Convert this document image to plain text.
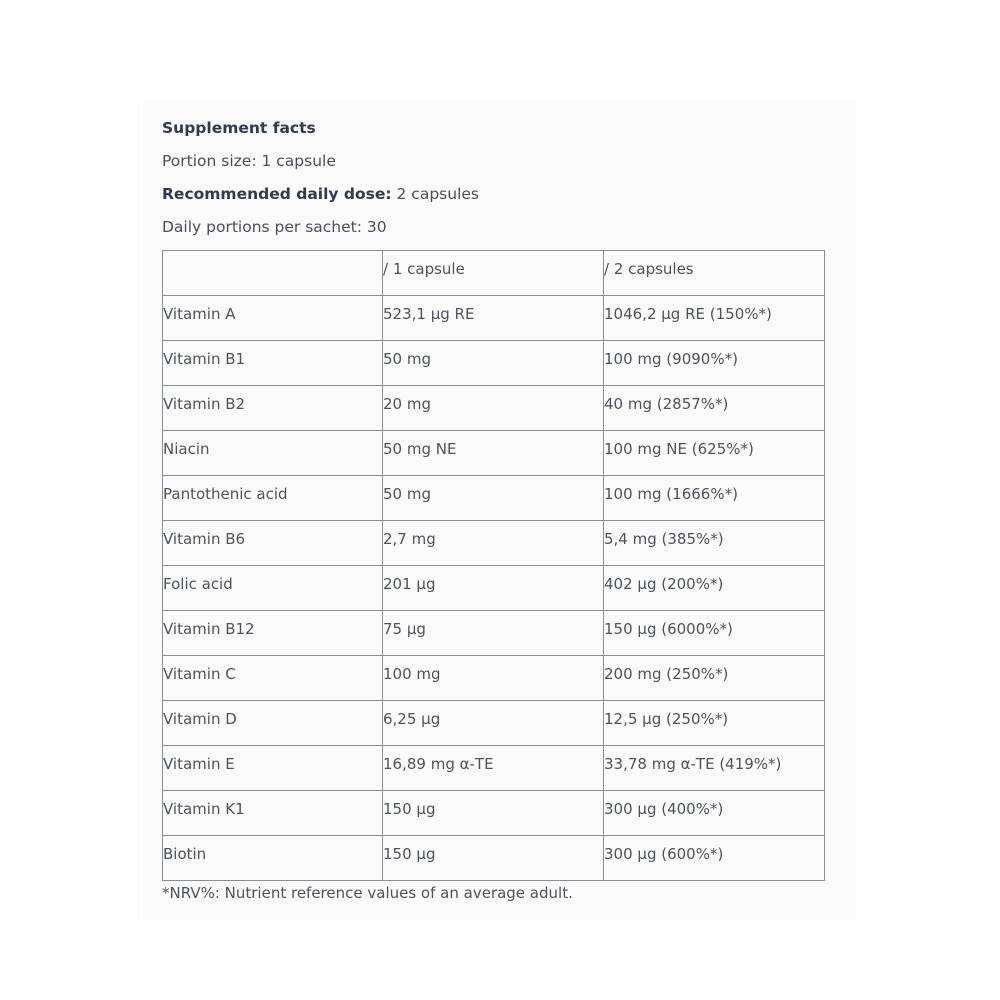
Supplement facts
Portion size: 1 capsule
Recommended daily dose: 2 capsules
Daily portions per sachet: 30

	/ 1 capsule	/ 2 capsules

Vitamin A	523,1 µg RE	1046,2 µg RE (150%*)

Vitamin B1	50 mg	100 mg (9090%*)

Vitamin B2	20 mg	40 mg (2857%*)

Niacin	50 mg NE	100 mg NE (625%*)

Pantothenic acid	50 mg	100 mg (1666%*)

Vitamin B6	2,7 mg	5,4 mg (385%*)

Folic acid	201 µg	402 µg (200%*)

Vitamin B12	75 µg	150 µg (6000%*)

Vitamin C	100 mg	200 mg (250%*)

Vitamin D	6,25 µg	12,5 µg (250%*)

Vitamin E	16,89 mg α-TE	33,78 mg α-TE (419%*)

Vitamin K1	150 µg	300 µg (400%*)

Biotin	150 µg	300 µg (600%*)
*NRV%: Nutrient reference values of an average adult.
